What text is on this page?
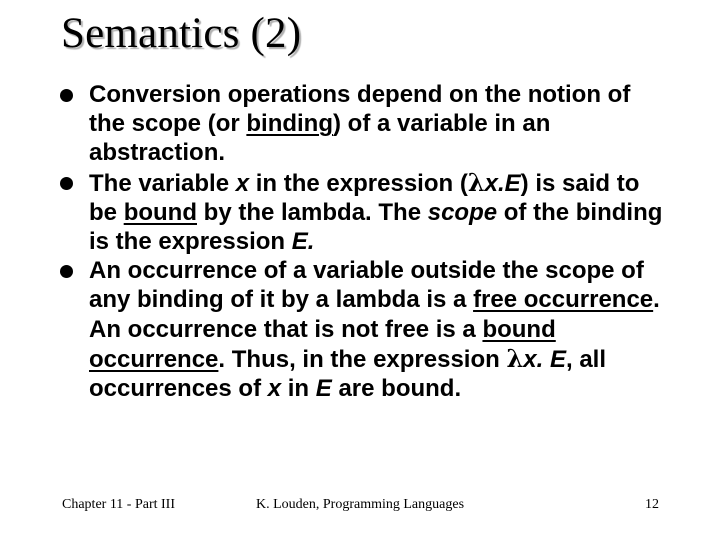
Semantics (2)
Conversion operations depend on the notion of the scope (or binding) of a variable in an abstraction.
The variable x in the expression (λx.E) is said to be bound by the lambda. The scope of the binding is the expression E.
An occurrence of a variable outside the scope of any binding of it by a lambda is a free occurrence. An occurrence that is not free is a bound occurrence. Thus, in the expression λx. E, all occurrences of x in E are bound.
Chapter 11 - Part III	K. Louden, Programming Languages	12
